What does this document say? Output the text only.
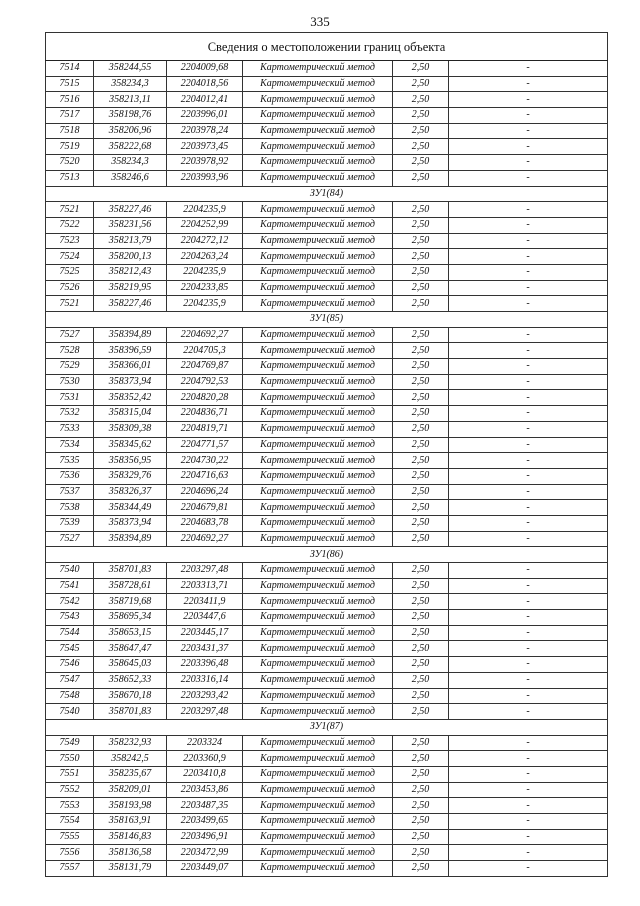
335
Сведения о местоположении границ объекта					
7514	358244,55	2204009,68	Картометрический метод	2,50	-
7515	358234,3	2204018,56	Картометрический метод	2,50	-
7516	358213,11	2204012,41	Картометрический метод	2,50	-
7517	358198,76	2203996,01	Картометрический метод	2,50	-
7518	358206,96	2203978,24	Картометрический метод	2,50	-
7519	358222,68	2203973,45	Картометрический метод	2,50	-
7520	358234,3	2203978,92	Картометрический метод	2,50	-
7513	358246,6	2203993,96	Картометрический метод	2,50	-
ЗУ1(84)					
7521	358227,46	2204235,9	Картометрический метод	2,50	-
7522	358231,56	2204252,99	Картометрический метод	2,50	-
7523	358213,79	2204272,12	Картометрический метод	2,50	-
7524	358200,13	2204263,24	Картометрический метод	2,50	-
7525	358212,43	2204235,9	Картометрический метод	2,50	-
7526	358219,95	2204233,85	Картометрический метод	2,50	-
7521	358227,46	2204235,9	Картометрический метод	2,50	-
ЗУ1(85)					
7527	358394,89	2204692,27	Картометрический метод	2,50	-
7528	358396,59	2204705,3	Картометрический метод	2,50	-
7529	358366,01	2204769,87	Картометрический метод	2,50	-
7530	358373,94	2204792,53	Картометрический метод	2,50	-
7531	358352,42	2204820,28	Картометрический метод	2,50	-
7532	358315,04	2204836,71	Картометрический метод	2,50	-
7533	358309,38	2204819,71	Картометрический метод	2,50	-
7534	358345,62	2204771,57	Картометрический метод	2,50	-
7535	358356,95	2204730,22	Картометрический метод	2,50	-
7536	358329,76	2204716,63	Картометрический метод	2,50	-
7537	358326,37	2204696,24	Картометрический метод	2,50	-
7538	358344,49	2204679,81	Картометрический метод	2,50	-
7539	358373,94	2204683,78	Картометрический метод	2,50	-
7527	358394,89	2204692,27	Картометрический метод	2,50	-
ЗУ1(86)					
7540	358701,83	2203297,48	Картометрический метод	2,50	-
7541	358728,61	2203313,71	Картометрический метод	2,50	-
7542	358719,68	2203411,9	Картометрический метод	2,50	-
7543	358695,34	2203447,6	Картометрический метод	2,50	-
7544	358653,15	2203445,17	Картометрический метод	2,50	-
7545	358647,47	2203431,37	Картометрический метод	2,50	-
7546	358645,03	2203396,48	Картометрический метод	2,50	-
7547	358652,33	2203316,14	Картометрический метод	2,50	-
7548	358670,18	2203293,42	Картометрический метод	2,50	-
7540	358701,83	2203297,48	Картометрический метод	2,50	-
ЗУ1(87)					
7549	358232,93	2203324	Картометрический метод	2,50	-
7550	358242,5	2203360,9	Картометрический метод	2,50	-
7551	358235,67	2203410,8	Картометрический метод	2,50	-
7552	358209,01	2203453,86	Картометрический метод	2,50	-
7553	358193,98	2203487,35	Картометрический метод	2,50	-
7554	358163,91	2203499,65	Картометрический метод	2,50	-
7555	358146,83	2203496,91	Картометрический метод	2,50	-
7556	358136,58	2203472,99	Картометрический метод	2,50	-
7557	358131,79	2203449,07	Картометрический метод	2,50	-
